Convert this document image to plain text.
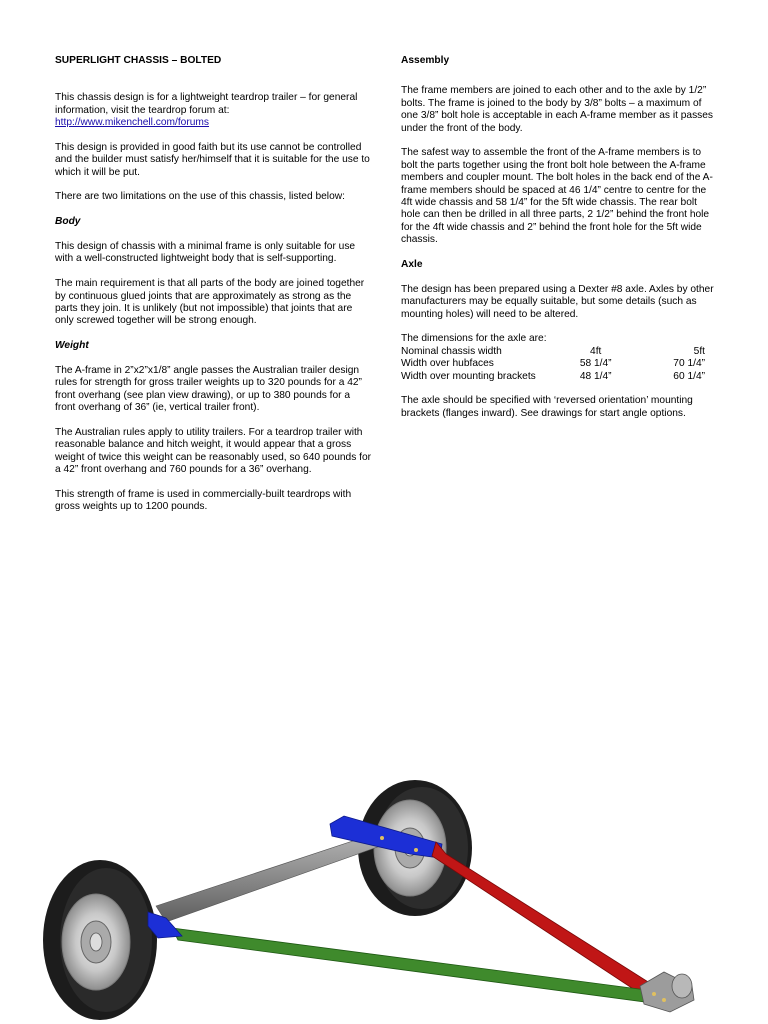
SUPERLIGHT CHASSIS – BOLTED

This chassis design is for a lightweight teardrop trailer – for general information, visit the teardrop forum at:
http://www.mikenchell.com/forums

This design is provided in good faith but its use cannot be controlled and the builder must satisfy her/himself that it is suitable for the use to which it will be put.

There are two limitations on the use of this chassis, listed below:

Body

This design of chassis with a minimal frame is only suitable for use with a well-constructed lightweight body that is self-supporting.

The main requirement is that all parts of the body are joined together by continuous glued joints that are approximately as strong as the parts they join. It is unlikely (but not impossible) that joints that are only screwed together will be strong enough.

Weight

The A-frame in 2”x2”x1/8” angle passes the Australian trailer design rules for strength for gross trailer weights up to 320 pounds for a 42” front overhang (see plan view drawing), or up to 380 pounds for a front overhang of 36” (ie, vertical trailer front).

The Australian rules apply to utility trailers. For a teardrop trailer with reasonable balance and hitch weight, it would appear that a gross weight of twice this weight can be reasonably used, so 640 pounds for a 42” front overhang and 760 pounds for a 36” overhang.

This strength of frame is used in commercially-built teardrops with gross weights up to 1200 pounds.

Assembly

The frame members are joined to each other and to the axle by 1/2” bolts. The frame is joined to the body by 3/8” bolts – a maximum of one 3/8” bolt hole is acceptable in each A-frame member as it passes under the front of the body.

The safest way to assemble the front of the A-frame members is to bolt the parts together using the front bolt hole between the A-frame members and coupler mount. The bolt holes in the back end of the A-frame members should be spaced at 46 1/4” centre to centre for the 4ft wide chassis and 58 1/4” for the 5ft wide chassis. The rear bolt hole can then be drilled in all three parts, 2 1/2” behind the front hole for the 4ft wide chassis and 2” behind the front hole for the 5ft wide chassis.

Axle

The design has been prepared using a Dexter #8 axle. Axles by other manufacturers may be equally suitable, but some details (such as mounting holes) will need to be altered.

The dimensions for the axle are:
Nominal chassis width	4ft	5ft
Width over hubfaces	58 1/4”	70 1/4”
Width over mounting brackets	48 1/4”	60 1/4”

The axle should be specified with ‘reversed orientation’ mounting brackets (flanges inward). See drawings for start angle options.
